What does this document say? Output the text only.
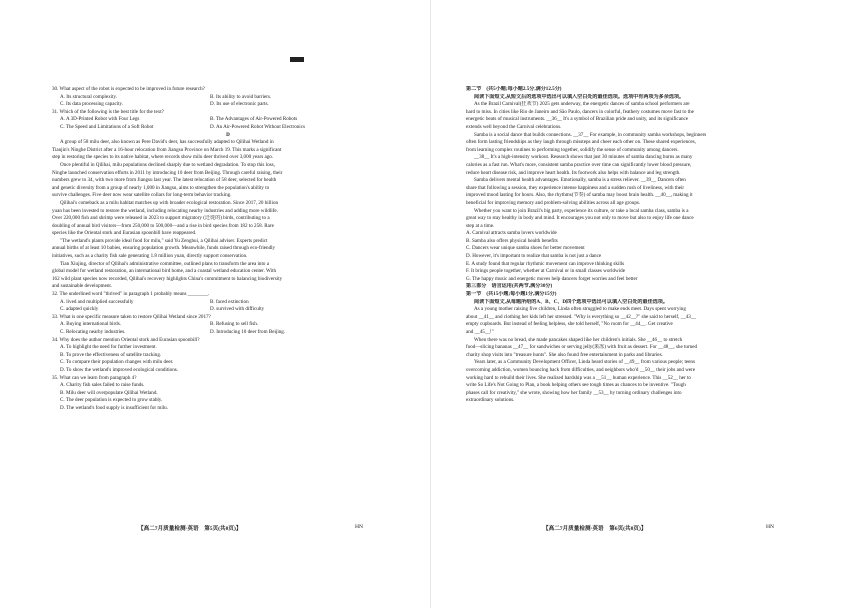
30. What aspect of the robot is expected to be improved in future research?
A. Its structural complexity.	B. Its ability to avoid barriers.
C. Its data processing capacity.	D. Its use of electronic parts.
31. Which of the following is the best title for the text?
A. A 3D-Printed Robot with Four Legs	B. The Advantages of Air-Powered Robots
C. The Speed and Limitations of a Soft Robot	D. An Air-Powered Robot Without Electronics
D
A group of 58 milu deer, also known as Pere David's deer, has successfully adapted to Qilihai Wetland in
Tianjin's Ninghe District after a 16-hour relocation from Jiangsu Province on March 19. This marks a significant
step in restoring the species to its native habitat, where records show milu deer thrived over 3,000 years ago.
Once plentiful in Qilihai, milu populations declined sharply due to wetland degradation. To stop this loss,
Ninghe launched conservation efforts in 2011 by introducing 10 deer from Beijing. Through careful raising, their
numbers grew to 34, with two more from Jiangsu last year. The latest relocation of 58 deer, selected for health
and genetic diversity from a group of nearly 1,000 in Jiangsu, aims to strengthen the population's ability to
survive challenges. Five deer now wear satellite collars for long-term behavior tracking.
Qilihai's comeback as a milu habitat matches up with broader ecological restoration. Since 2017, 20 billion
yuan has been invested to restore the wetland, including relocating nearby industries and adding more wildlife.
Over 220,000 fish and shrimp were released in 2023 to support migratory (迁徙的) birds, contributing to a
doubling of annual bird visitors—from 250,000 to 500,000—and a rise in bird species from 182 to 258. Rare
species like the Oriental stork and Eurasian spoonbill have reappeared.
"The wetland's plants provide ideal food for milu," said Yu Zenghui, a Qilihai adviser. Experts predict
annual births of at least 10 babies, ensuring population growth. Meanwhile, funds raised through eco-friendly
initiatives, such as a charity fish sale generating 1.8 million yuan, directly support conservation.
Tian Xiujing, director of Qilihai's administrative committee, outlined plans to transform the area into a
global model for wetland restoration, an international bird home, and a coastal wetland education center. With
162 wild plant species now recorded, Qilihai's recovery highlights China's commitment to balancing biodiversity
and sustainable development.
32. The underlined word "thrived" in paragraph 1 probably means ________.
A. lived and multiplied successfully	B. faced extinction
C. adapted quickly	D. survived with difficulty
33. What is one specific measure taken to restore Qilihai Wetland since 2017?
A. Buying international birds.	B. Refusing to sell fish.
C. Relocating nearby industries.	D. Introducing 10 deer from Beijing.
34. Why does the author mention Oriental stork and Eurasian spoonbill?
A. To highlight the need for further investment.
B. To prove the effectiveness of satellite tracking.
C. To compare their population changes with milu deer.
D. To show the wetland's improved ecological conditions.
35. What can we learn from paragraph 4?
A. Charity fish sales failed to raise funds.
B. Milu deer will overpopulate Qilihai Wetland.
C. The deer population is expected to grow stably.
D. The wetland's food supply is insufficient for milu.
【高二7月质量检测·英语　第5页(共8页)】	HN
第二节　(共5小题;每小题2.5分,满分12.5分)
阅读下面短文,从短文后的选项中选出可以填入空白处的最佳选项。选项中有两项为多余选项。
As the Brazil Carnival(狂欢节) 2025 gets underway, the energetic dances of samba school performers are
hard to miss. In cities like Rio de Janeiro and São Paulo, dancers in colorful, feathery costumes move fast to the
energetic beats of musical instruments. __36__ It's a symbol of Brazilian pride and unity, and its significance
extends well beyond the Carnival celebrations.
Samba is a social dance that builds connections. __37__ For example, in community samba workshops, beginners
often form lasting friendships as they laugh through missteps and cheer each other on. These shared experiences,
from learning complex routines to performing together, solidify the sense of community among dancers.
__38__ It's a high-intensity workout. Research shows that just 30 minutes of samba dancing burns as many
calories as a fast run. What's more, consistent samba practice over time can significantly lower blood pressure,
reduce heart disease risk, and improve heart health. Its footwork also helps with balance and leg strength.
Samba delivers mental health advantages. Emotionally, samba is a stress reliever. __39__ Dancers often
share that following a session, they experience intense happiness and a sudden rush of liveliness, with their
improved mood lasting for hours. Also, the rhythms(节奏) of samba may boost brain health. __40__, making it
beneficial for improving memory and problem-solving abilities across all age groups.
Whether you want to join Brazil's big party, experience its culture, or take a local samba class, samba is a
great way to stay healthy in body and mind. It encourages you not only to move but also to enjoy life one dance
step at a time.
A. Carnival attracts samba lovers worldwide
B. Samba also offers physical health benefits
C. Dancers wear unique samba shoes for better movement
D. However, it's important to realize that samba is not just a dance
E. A study found that regular rhythmic movement can improve thinking skills
F. It brings people together, whether at Carnival or in small classes worldwide
G. The happy music and energetic moves help dancers forget worries and feel better
第三部分　语言运用(共两节,满分30分)
第一节　(共15小题;每小题1分,满分15分)
阅读下面短文,从每题所给的A、B、C、D四个选项中选出可以填入空白处的最佳选项。
As a young mother raising five children, Linda often struggled to make ends meet. Days spent worrying
about __41__ and clothing her kids left her stressed. "Why is everything so __42__?" she said to herself, __43__
empty cupboards. But instead of feeling helpless, she told herself, "No room for __44__. Get creative
and __45__!"
When there was no bread, she made pancakes shaped like her children's initials. She __46__ to stretch
food—slicing bananas __47__ for sandwiches or serving jelly(果冻) with fruit as dessert. For __48__, she turned
charity shop visits into "treasure hunts". She also found free entertainment in parks and libraries.
Years later, as a Community Development Officer, Linda heard stories of __49__ from various people; teens
overcoming addiction, women bouncing back from difficulties, and neighbors who'd __50__ their jobs and were
working hard to rebuild their lives. She realized hardship was a __51__ human experience. This __52__ her to
write So Life's Not Going to Plan, a book helping others see tough times as chances to be inventive. "Tough
phases call for creativity," she wrote, showing how her family __53__ by turning ordinary challenges into
extraordinary solutions.
【高二7月质量检测·英语　第6页(共8页)】	HN
